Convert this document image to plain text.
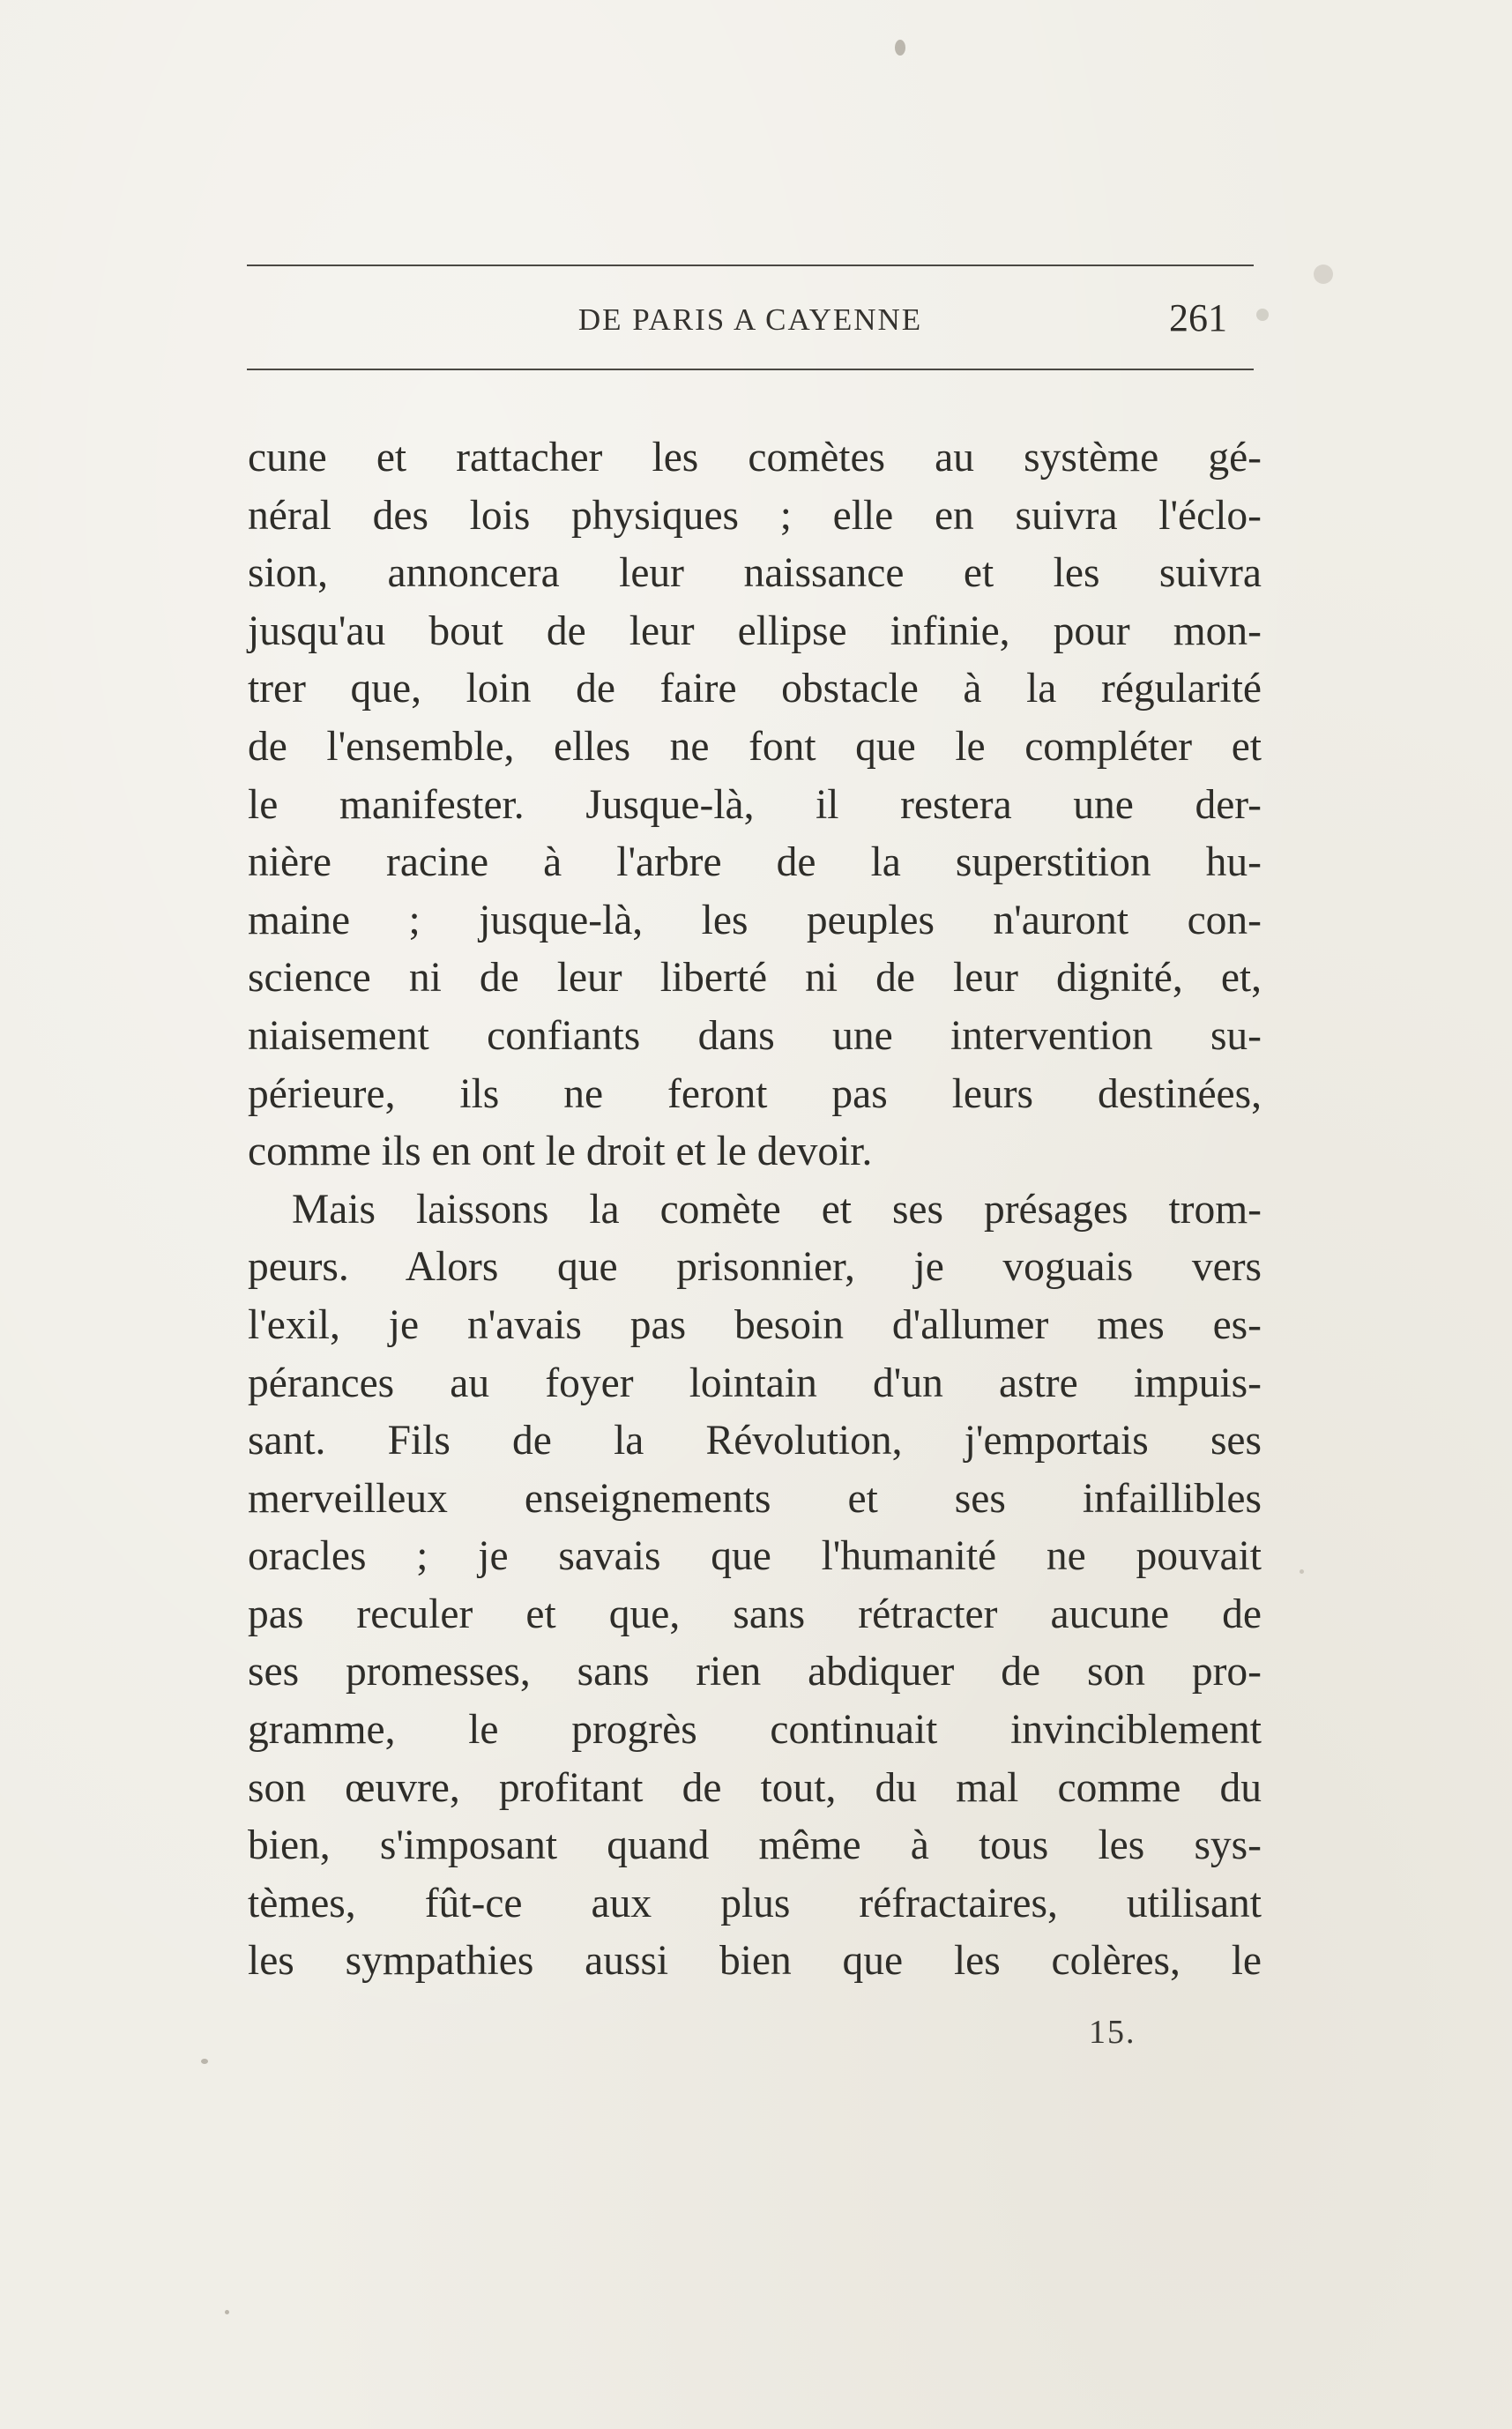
DE PARIS A CAYENNE	261
cune et rattacher les comètes au système gé-
néral des lois physiques ; elle en suivra l'éclo-
sion, annoncera leur naissance et les suivra
jusqu'au bout de leur ellipse infinie, pour mon-
trer que, loin de faire obstacle à la régularité
de l'ensemble, elles ne font que le compléter et
le manifester. Jusque-là, il restera une der-
nière racine à l'arbre de la superstition hu-
maine ; jusque-là, les peuples n'auront con-
science ni de leur liberté ni de leur dignité, et,
niaisement confiants dans une intervention su-
périeure, ils ne feront pas leurs destinées,
comme ils en ont le droit et le devoir.
Mais laissons la comète et ses présages trom-
peurs. Alors que prisonnier, je voguais vers
l'exil, je n'avais pas besoin d'allumer mes es-
pérances au foyer lointain d'un astre impuis-
sant. Fils de la Révolution, j'emportais ses
merveilleux enseignements et ses infaillibles
oracles ; je savais que l'humanité ne pouvait
pas reculer et que, sans rétracter aucune de
ses promesses, sans rien abdiquer de son pro-
gramme, le progrès continuait invinciblement
son œuvre, profitant de tout, du mal comme du
bien, s'imposant quand même à tous les sys-
tèmes, fût-ce aux plus réfractaires, utilisant
les sympathies aussi bien que les colères, le
15.
